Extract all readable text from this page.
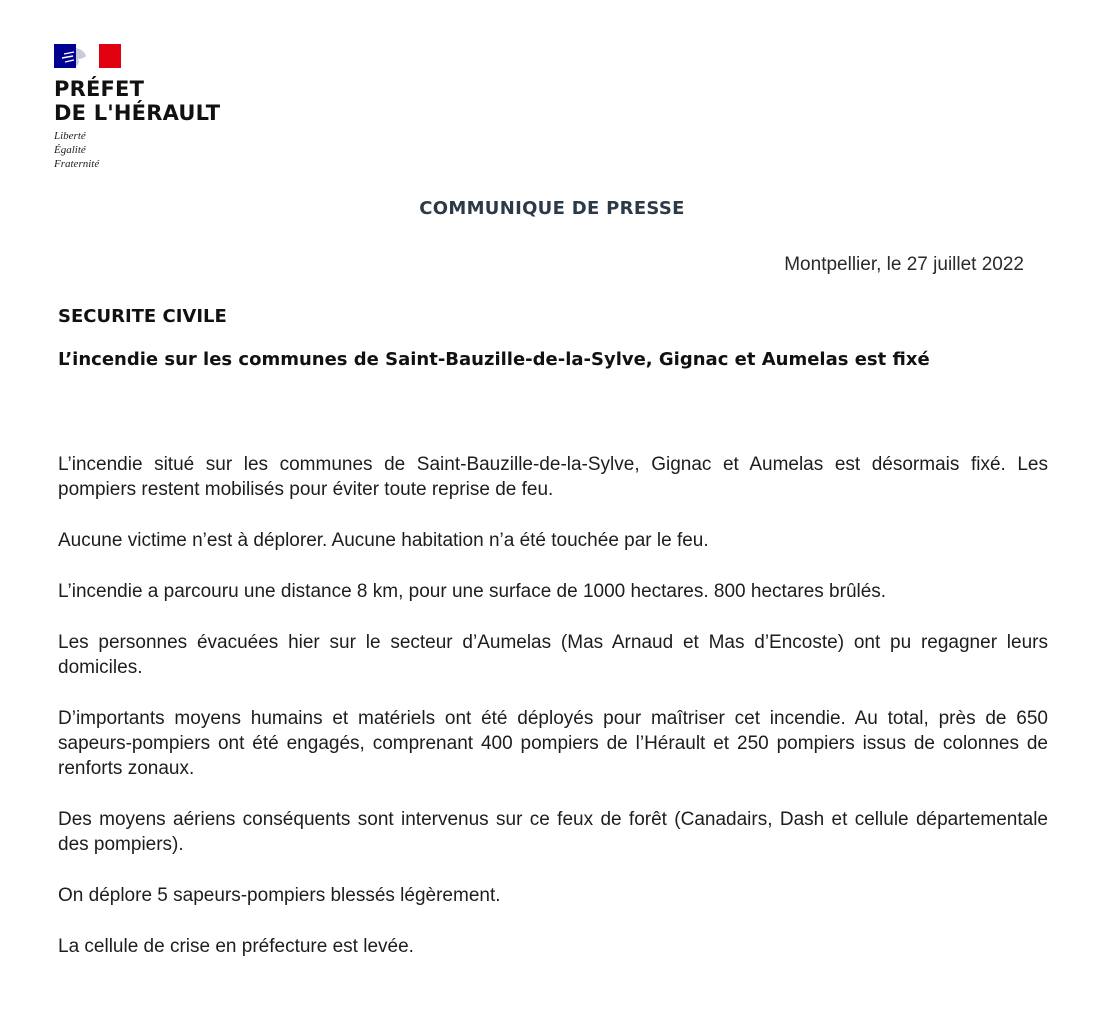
PRÉFET
DE L'HÉRAULT
Liberté
Égalité
Fraternité
COMMUNIQUE DE PRESSE
Montpellier, le 27 juillet 2022
SECURITE CIVILE
L’incendie sur les communes de Saint-Bauzille-de-la-Sylve, Gignac et Aumelas est fixé

L’incendie situé sur les communes de Saint-Bauzille-de-la-Sylve, Gignac et Aumelas est désormais fixé. Les pompiers restent mobilisés pour éviter toute reprise de feu.

Aucune victime n’est à déplorer. Aucune habitation n’a été touchée par le feu.

L’incendie a parcouru une distance 8 km, pour une surface de 1000 hectares. 800 hectares brûlés.

Les personnes évacuées hier sur le secteur d’Aumelas (Mas Arnaud et Mas d’Encoste) ont pu regagner leurs domiciles.

D’importants moyens humains et matériels ont été déployés pour maîtriser cet incendie. Au total, près de 650 sapeurs-pompiers ont été engagés, comprenant 400 pompiers de l’Hérault et 250 pompiers issus de colonnes de renforts zonaux.

Des moyens aériens conséquents sont intervenus sur ce feux de forêt (Canadairs, Dash et cellule départementale des pompiers).

On déplore 5 sapeurs-pompiers blessés légèrement.

La cellule de crise en préfecture est levée.
